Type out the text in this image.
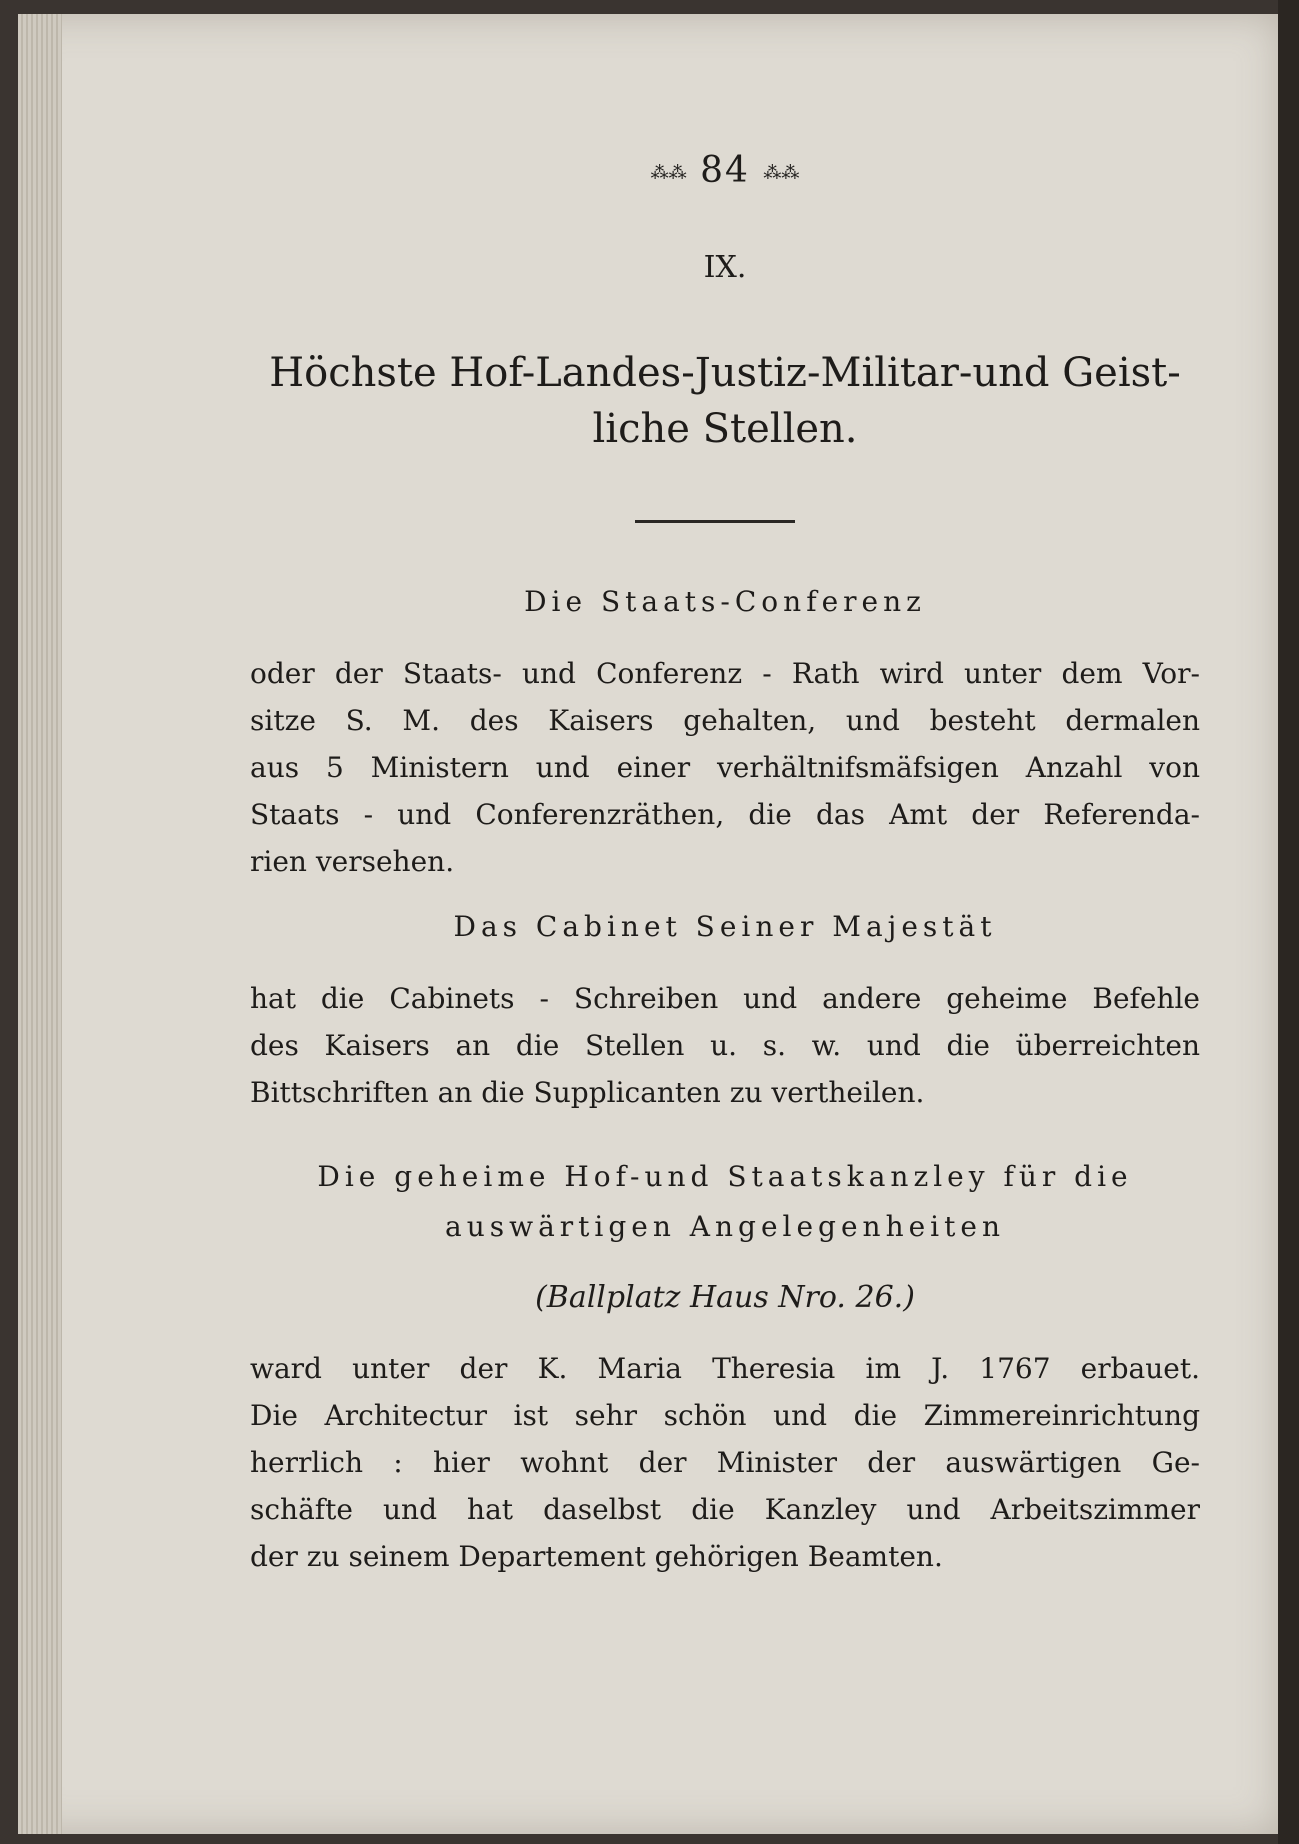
⁂⁂ 84 ⁂⁂
IX.
Höchste Hof-Landes-Justiz-Militar-und Geist-
liche Stellen.
Die Staats-Conferenz
oder der Staats- und Conferenz - Rath wird unter dem Vor-
sitze S. M. des Kaisers gehalten, und besteht dermalen
aus 5 Ministern und einer verhältnifsmäfsigen Anzahl von
Staats - und Conferenzräthen, die das Amt der Referenda-
rien versehen.
Das Cabinet Seiner Majestät
hat die Cabinets - Schreiben und andere geheime Befehle
des Kaisers an die Stellen u. s. w. und die überreichten
Bittschriften an die Supplicanten zu vertheilen.
Die geheime Hof-und Staatskanzley für die
auswärtigen Angelegenheiten
(Ballplatz Haus Nro. 26.)
ward unter der K. Maria Theresia im J. 1767 erbauet.
Die Architectur ist sehr schön und die Zimmereinrichtung
herrlich : hier wohnt der Minister der auswärtigen Ge-
schäfte und hat daselbst die Kanzley und Arbeitszimmer
der zu seinem Departement gehörigen Beamten.
